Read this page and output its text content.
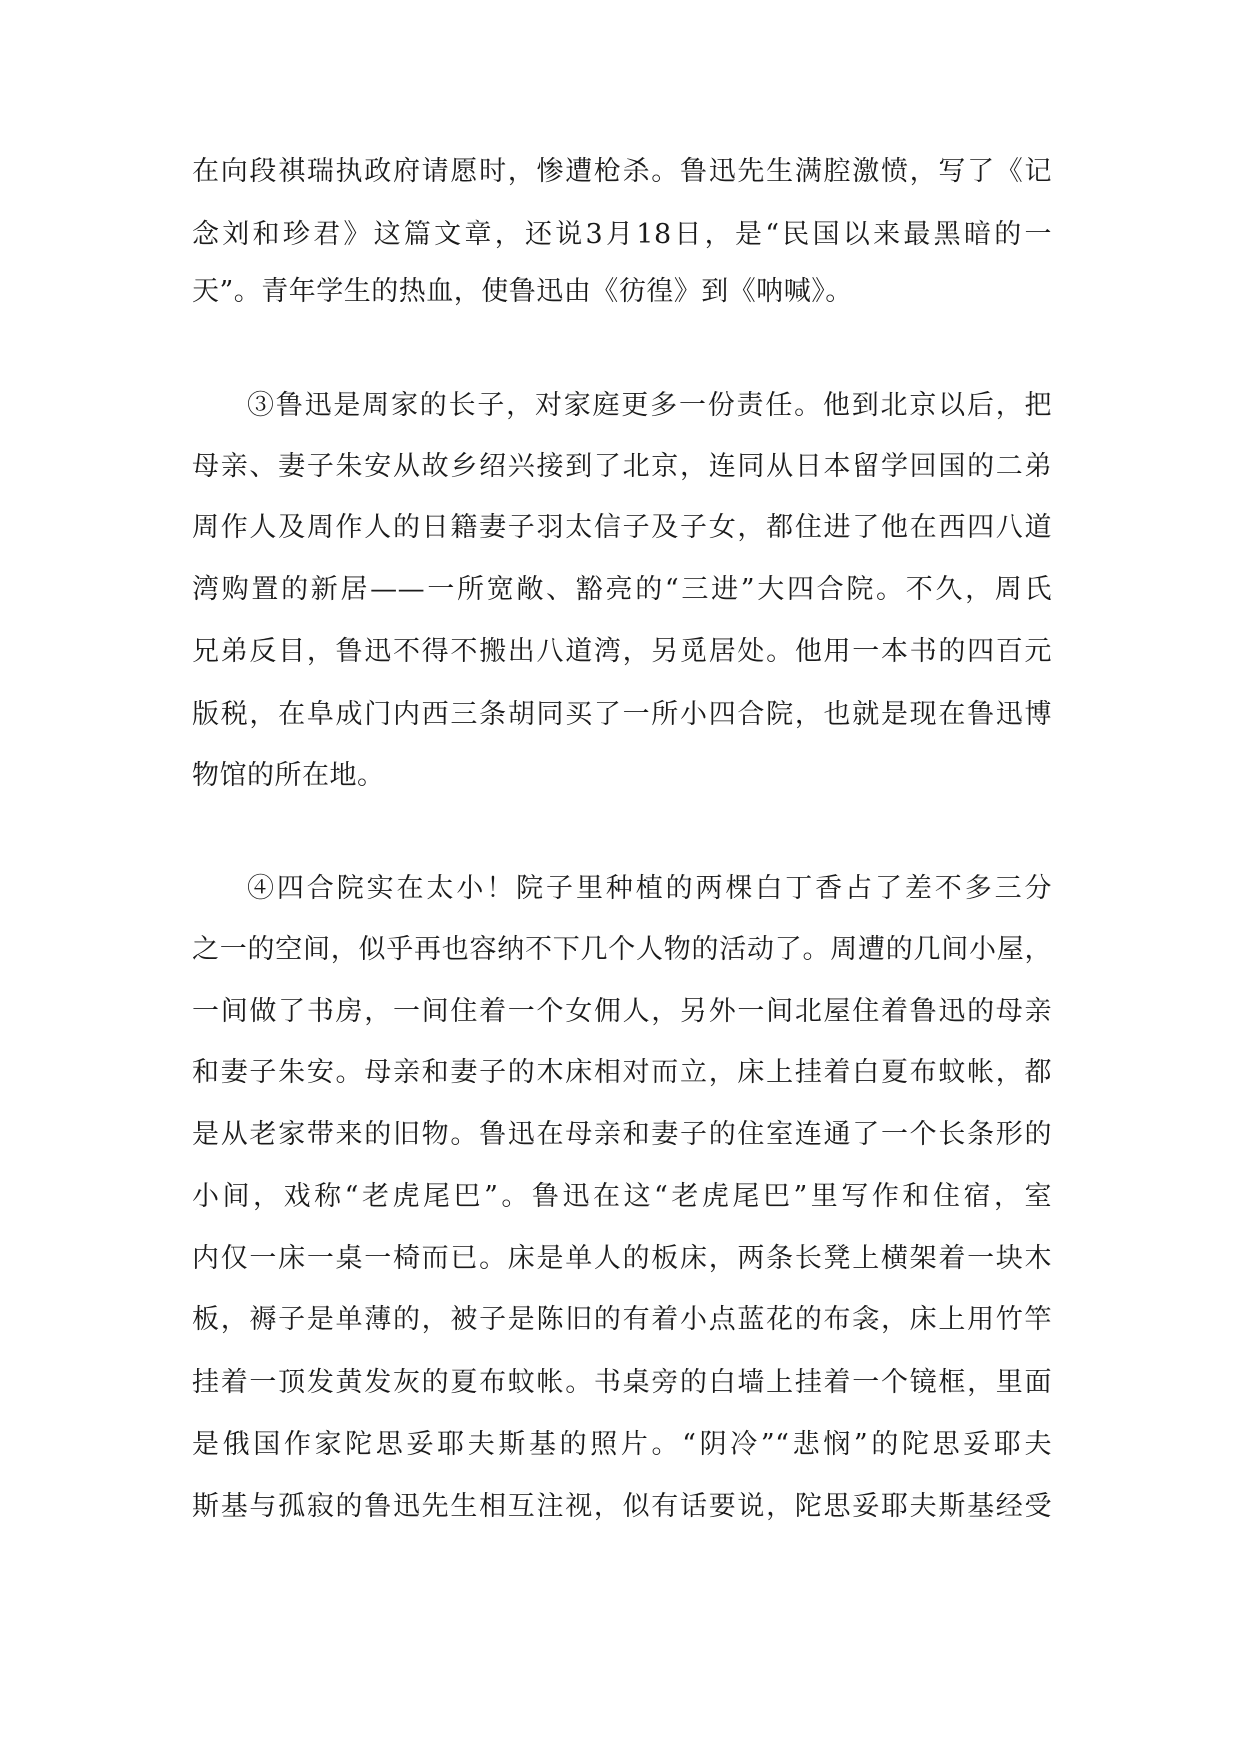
在向段祺瑞执政府请愿时，惨遭枪杀。鲁迅先生满腔激愤，写了《记
念刘和珍君》这篇文章，还说3月18日，是“民国以来最黑暗的一
天”。青年学生的热血，使鲁迅由《彷徨》到《呐喊》。
③鲁迅是周家的长子，对家庭更多一份责任。他到北京以后，把
母亲、妻子朱安从故乡绍兴接到了北京，连同从日本留学回国的二弟
周作人及周作人的日籍妻子羽太信子及子女，都住进了他在西四八道
湾购置的新居——一所宽敞、豁亮的“三进”大四合院。不久，周氏
兄弟反目，鲁迅不得不搬出八道湾，另觅居处。他用一本书的四百元
版税，在阜成门内西三条胡同买了一所小四合院，也就是现在鲁迅博
物馆的所在地。
④四合院实在太小！院子里种植的两棵白丁香占了差不多三分
之一的空间，似乎再也容纳不下几个人物的活动了。周遭的几间小屋，
一间做了书房，一间住着一个女佣人，另外一间北屋住着鲁迅的母亲
和妻子朱安。母亲和妻子的木床相对而立，床上挂着白夏布蚊帐，都
是从老家带来的旧物。鲁迅在母亲和妻子的住室连通了一个长条形的
小间，戏称“老虎尾巴”。鲁迅在这“老虎尾巴”里写作和住宿，室
内仅一床一桌一椅而已。床是单人的板床，两条长凳上横架着一块木
板，褥子是单薄的，被子是陈旧的有着小点蓝花的布衾，床上用竹竿
挂着一顶发黄发灰的夏布蚊帐。书桌旁的白墙上挂着一个镜框，里面
是俄国作家陀思妥耶夫斯基的照片。“阴冷”“悲悯”的陀思妥耶夫
斯基与孤寂的鲁迅先生相互注视，似有话要说，陀思妥耶夫斯基经受
